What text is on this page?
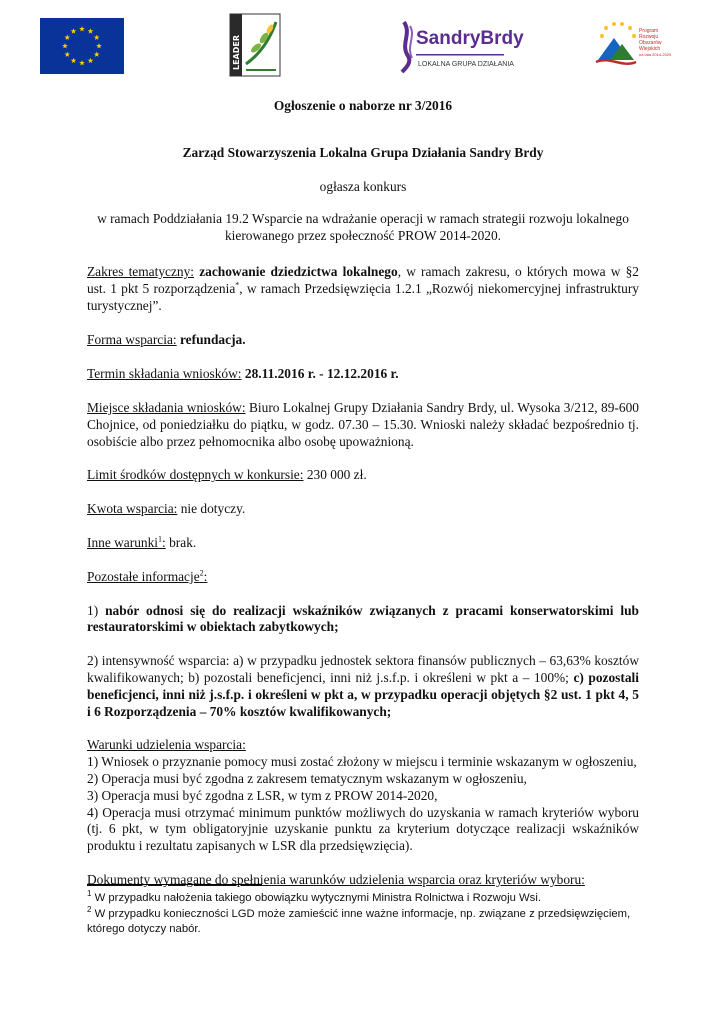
LEADER	SandryBrdy
LOKALNA GRUPA DZIAŁANIA
Program Rozwoju Obszarów Wiejskich na lata 2014-2020

Ogłoszenie o naborze nr 3/2016

Zarząd Stowarzyszenia Lokalna Grupa Działania Sandry Brdy

ogłasza konkurs

w ramach Poddziałania 19.2 Wsparcie na wdrażanie operacji w ramach strategii rozwoju lokalnego kierowanego przez społeczność PROW 2014-2020.

Zakres tematyczny: zachowanie dziedzictwa lokalnego, w ramach zakresu, o których mowa w §2 ust. 1 pkt 5 rozporządzenia*, w ramach Przedsięwzięcia 1.2.1 „Rozwój niekomercyjnej infrastruktury turystycznej”.

Forma wsparcia: refundacja.

Termin składania wniosków: 28.11.2016 r. - 12.12.2016 r.

Miejsce składania wniosków: Biuro Lokalnej Grupy Działania Sandry Brdy, ul. Wysoka 3/212, 89-600 Chojnice, od poniedziałku do piątku, w godz. 07.30 – 15.30. Wnioski należy składać bezpośrednio tj. osobiście albo przez pełnomocnika albo osobę upoważnioną.

Limit środków dostępnych w konkursie: 230 000 zł.

Kwota wsparcia: nie dotyczy.

Inne warunki$^1$: brak.

Pozostałe informacje$^2$:

1) nabór odnosi się do realizacji wskaźników związanych z pracami konserwatorskimi lub restauratorskimi w obiektach zabytkowych;

2) intensywność wsparcia: a) w przypadku jednostek sektora finansów publicznych – 63,63% kosztów kwalifikowanych; b) pozostali beneficjenci, inni niż j.s.f.p. i określeni w pkt a – 100%; c) pozostali beneficjenci, inni niż j.s.f.p. i określeni w pkt a, w przypadku operacji objętych §2 ust. 1 pkt 4, 5 i 6 Rozporządzenia – 70% kosztów kwalifikowanych;

Warunki udzielenia wsparcia:

1) Wniosek o przyznanie pomocy musi zostać złożony w miejscu i terminie wskazanym w ogłoszeniu,
2) Operacja musi być zgodna z zakresem tematycznym wskazanym w ogłoszeniu,
3) Operacja musi być zgodna z LSR, w tym z PROW 2014-2020,

4) Operacja musi otrzymać minimum punktów możliwych do uzyskania w ramach kryteriów wyboru (tj. 6 pkt, w tym obligatoryjnie uzyskanie punktu za kryterium dotyczące realizacji wskaźników produktu i rezultatu zapisanych w LSR dla przedsięwzięcia).

Dokumenty wymagane do spełnienia warunków udzielenia wsparcia oraz kryteriów wyboru:

$^1$ W przypadku nałożenia takiego obowiązku wytycznymi Ministra Rolnictwa i Rozwoju Wsi.
$^2$ W przypadku konieczności LGD może zamieścić inne ważne informacje, np. związane z przedsięwzięciem, którego dotyczy nabór.
